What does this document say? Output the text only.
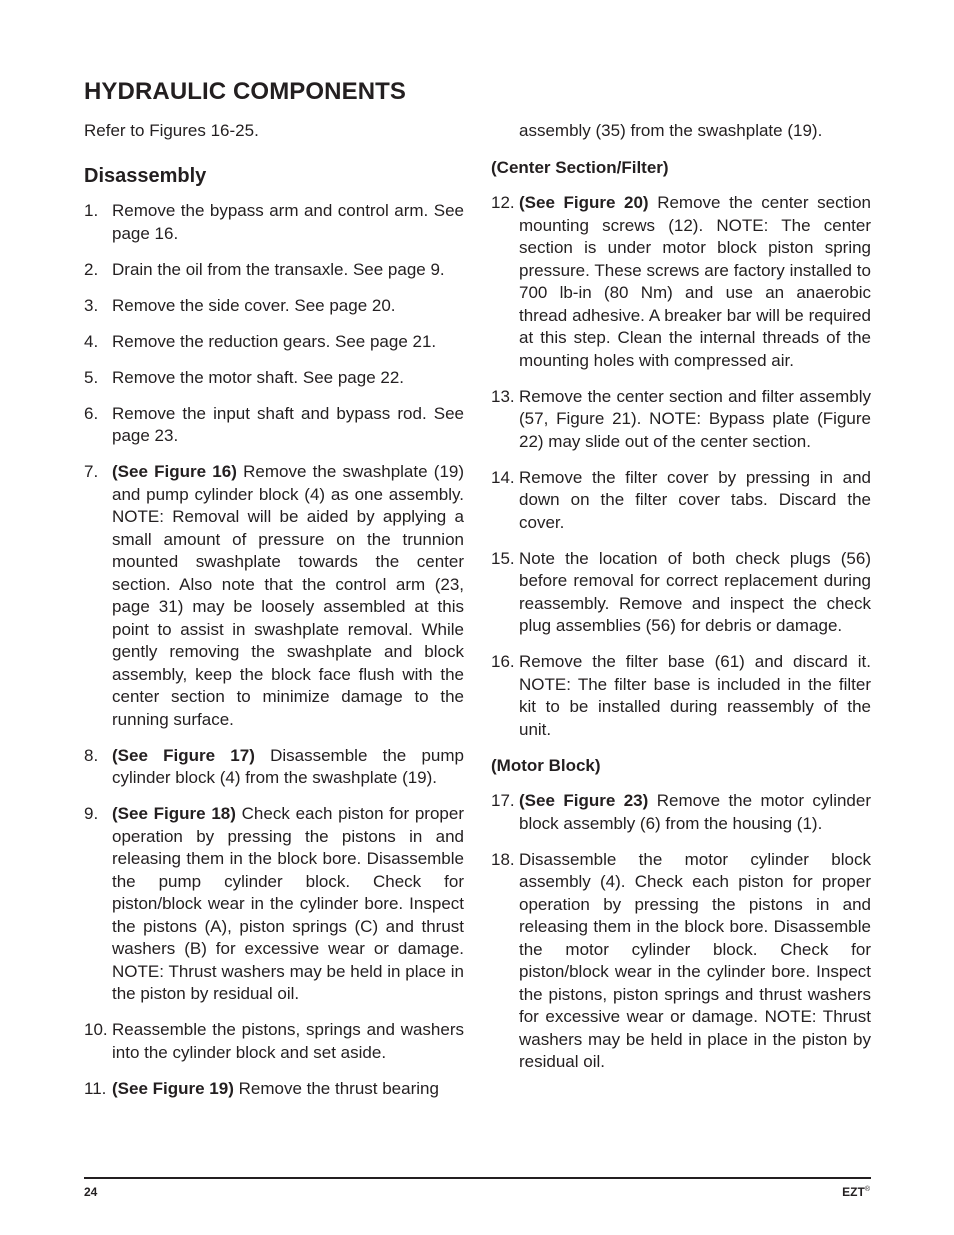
HYDRAULIC COMPONENTS

Refer to Figures 16-25.

Disassembly
1. Remove the bypass arm and control arm. See page 16.
2. Drain the oil from the transaxle. See page 9.
3. Remove the side cover. See page 20.
4. Remove the reduction gears. See page 21.
5. Remove the motor shaft. See page 22.
6. Remove the input shaft and bypass rod. See page 23.
7. (See Figure 16) Remove the swashplate (19) and pump cylinder block (4) as one assembly. NOTE: Removal will be aided by applying a small amount of pressure on the trunnion mounted swashplate towards the center section. Also note that the control arm (23, page 31) may be loosely assembled at this point to assist in swashplate removal. While gently removing the swashplate and block assembly, keep the block face flush with the center section to minimize damage to the running surface.
8. (See Figure 17) Disassemble the pump cylinder block (4) from the swashplate (19).
9. (See Figure 18) Check each piston for proper operation by pressing the pistons in and releasing them in the block bore. Disassemble the pump cylinder block. Check for piston/block wear in the cylinder bore. Inspect the pistons (A), piston springs (C) and thrust washers (B) for excessive wear or damage. NOTE: Thrust washers may be held in place in the piston by residual oil.
10. Reassemble the pistons, springs and washers into the cylinder block and set aside.
11. (See Figure 19) Remove the thrust bearing

assembly (35) from the swashplate (19).

(Center Section/Filter)
12. (See Figure 20) Remove the center section mounting screws (12). NOTE: The center section is under motor block piston spring pressure. These screws are factory installed to 700 lb-in (80 Nm) and use an anaerobic thread adhesive. A breaker bar will be required at this step. Clean the internal threads of the mounting holes with compressed air.
13. Remove the center section and filter assembly (57, Figure 21). NOTE: Bypass plate (Figure 22) may slide out of the center section.
14. Remove the filter cover by pressing in and down on the filter cover tabs. Discard the cover.
15. Note the location of both check plugs (56) before removal for correct replacement during reassembly. Remove and inspect the check plug assemblies (56) for debris or damage.
16. Remove the filter base (61) and discard it. NOTE: The filter base is included in the filter kit to be installed during reassembly of the unit.
(Motor Block)
17. (See Figure 23) Remove the motor cylinder block assembly (6) from the housing (1).
18. Disassemble the motor cylinder block assembly (4). Check each piston for proper operation by pressing the pistons in and releasing them in the block bore. Disassemble the motor cylinder block. Check for piston/block wear in the cylinder bore. Inspect the pistons, piston springs and thrust washers for excessive wear or damage. NOTE: Thrust washers may be held in place in the piston by residual oil.
24	EZT®
